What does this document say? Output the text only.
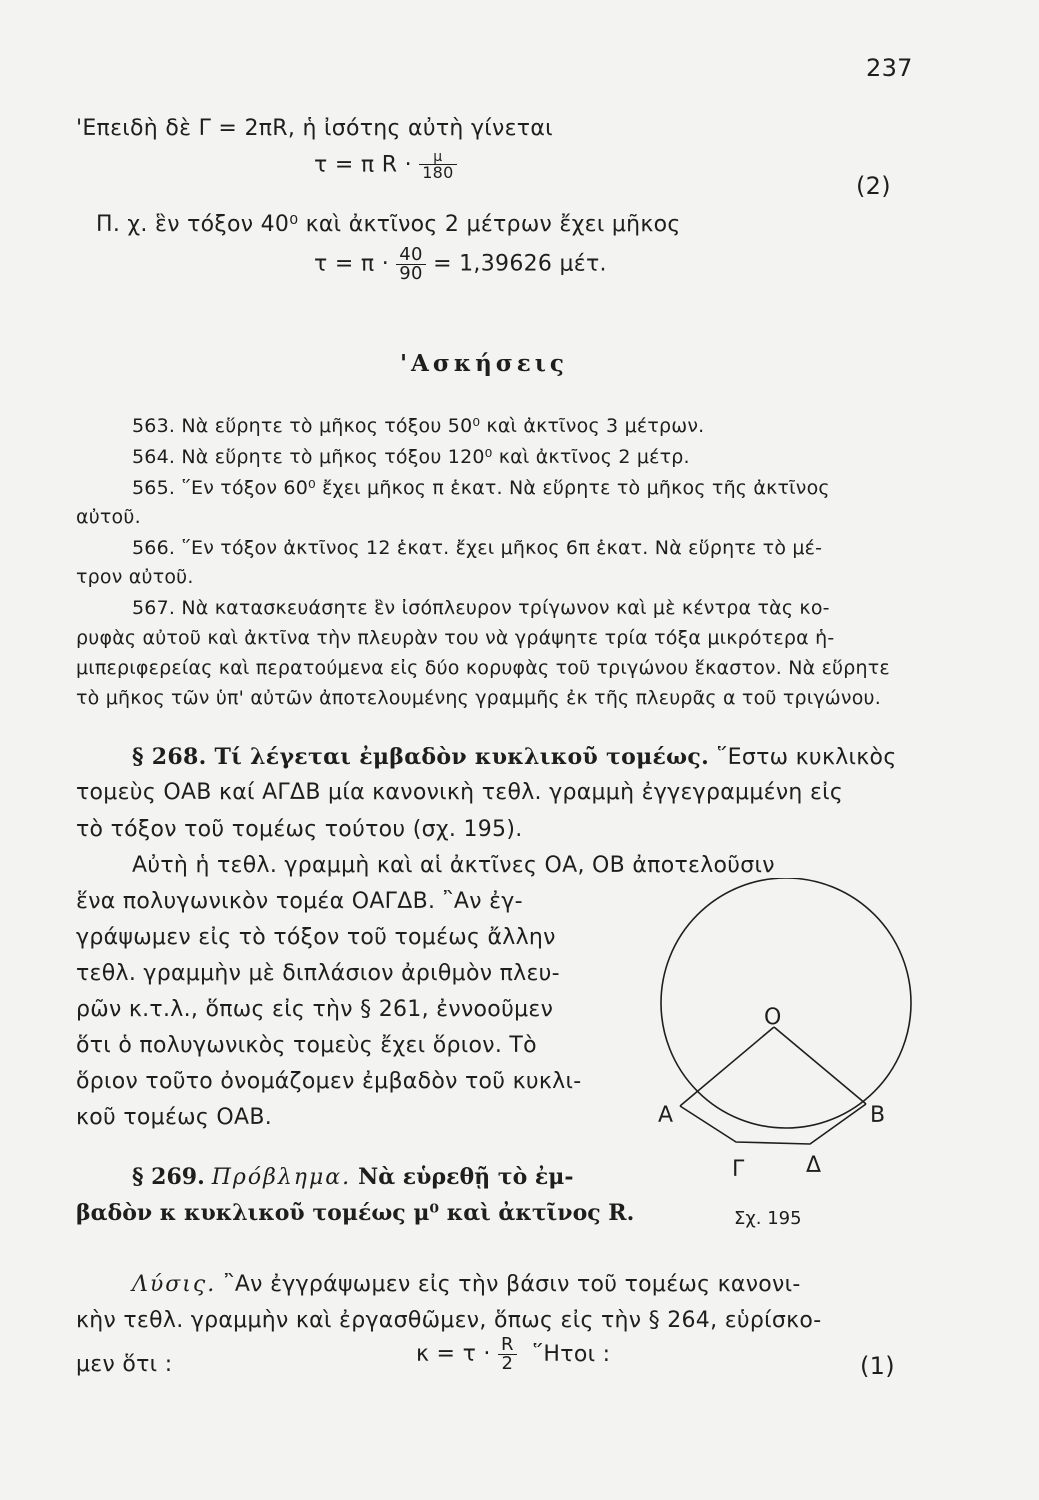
237
'Επειδὴ δὲ Γ = 2πR, ἡ ἰσότης αὐτὴ γίνεται
τ = π $R \cdot \frac{\mu}{180}$
(2)
Π. χ. ἓν τόξον 40⁰ καὶ ἀκτῖνος 2 μέτρων ἔχει μῆκος
$\tau = \pi \cdot \frac{40}{90} = 1,39626$ μέτ.
'Ασκήσεις
563. Νὰ εὕρητε τὸ μῆκος τόξου 50⁰ καὶ ἀκτῖνος 3 μέτρων.
564. Νὰ εὕρητε τὸ μῆκος τόξου 120⁰ καὶ ἀκτῖνος 2 μέτρ.
565. ῞Εν τόξον 60⁰ ἔχει μῆκος π ἑκατ. Νὰ εὕρητε τὸ μῆκος τῆς ἀκτῖνος
αὐτοῦ.
566. ῞Εν τόξον ἀκτῖνος 12 ἑκατ. ἔχει μῆκος 6π ἑκατ. Νὰ εὕρητε τὸ μέ-
τρον αὐτοῦ.
567. Νὰ κατασκευάσητε ἓν ἰσόπλευρον τρίγωνον καὶ μὲ κέντρα τὰς κο-
ρυφὰς αὐτοῦ καὶ ἀκτῖνα τὴν πλευρὰν του νὰ γράψητε τρία τόξα μικρότερα ἡ-
μιπεριφερείας καὶ περατούμενα εἰς δύο κορυφὰς τοῦ τριγώνου ἕκαστον. Νὰ εὕρητε
τὸ μῆκος τῶν ὑπ' αὐτῶν ἀποτελουμένης γραμμῆς ἐκ τῆς πλευρᾶς α τοῦ τριγώνου.
§ 268. Τί λέγεται ἐμβαδὸν κυκλικοῦ τομέως. ῞Εστω κυκλικὸς
τομεὺς ΟΑΒ καί ΑΓΔΒ μία κανονικὴ τεθλ. γραμμὴ ἐγγεγραμμένη εἰς
τὸ τόξον τοῦ τομέως τούτου (σχ. 195).
Αὐτὴ ἡ τεθλ. γραμμὴ καὶ αἱ ἀκτῖνες ΟΑ, ΟΒ ἀποτελοῦσιν
ἕνα πολυγωνικὸν τομέα ΟΑΓΔΒ. ῍Αν ἐγ-
γράψωμεν εἰς τὸ τόξον τοῦ τομέως ἄλλην
τεθλ. γραμμὴν μὲ διπλάσιον ἀριθμὸν πλευ-
ρῶν κ.τ.λ., ὅπως εἰς τὴν § 261, ἐννοοῦμεν
ὅτι ὁ πολυγωνικὸς τομεὺς ἔχει ὅριον. Τὸ
ὅριον τοῦτο ὀνομάζομεν ἐμβαδὸν τοῦ κυκλι-
κοῦ τομέως ΟΑΒ.
§ 269. Πρόβλημα. Νὰ εὑρεθῇ τὸ ἐμ-
βαδὸν κ κυκλικοῦ τομέως μ⁰ καὶ ἀκτῖνος R.
Ο
Α	Β
Γ	Δ
Σχ. 195
Λύσις. ῍Αν ἐγγράψωμεν εἰς τὴν βάσιν τοῦ τομέως κανονι-
κὴν τεθλ. γραμμὴν καὶ ἐργασθῶμεν, ὅπως εἰς τὴν § 264, εὑρίσκο-
μεν ὅτι :	$\kappa = \tau \cdot \frac{R}{2}$ ῞Ητοι :	(1)
